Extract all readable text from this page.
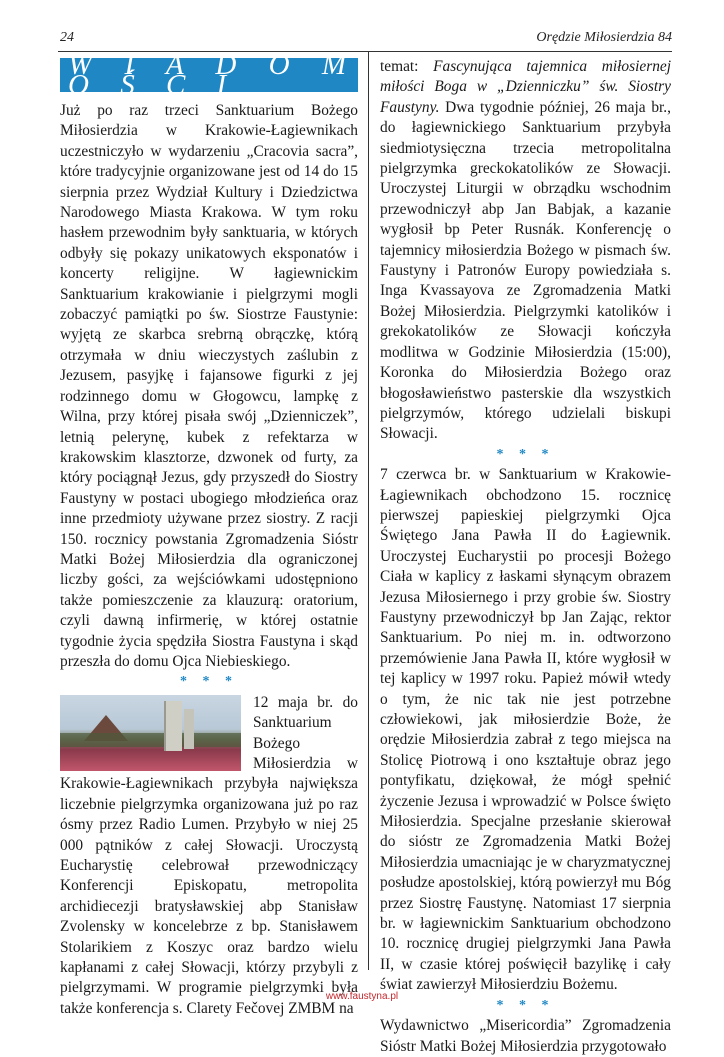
24	Orędzie Miłosierdzia 84
W I A D O M O Ś C I

Już po raz trzeci Sanktuarium Bożego Miłosierdzia w Krakowie-Łagiewnikach uczestniczyło w wydarzeniu „Cracovia sacra”, które tradycyjnie organizowane jest od 14 do 15 sierpnia przez Wydział Kultury i Dziedzictwa Narodowego Miasta Krakowa. W tym roku hasłem przewodnim były sanktuaria, w których odbyły się pokazy unikatowych eksponatów i koncerty religijne. W łagiewnickim Sanktuarium krakowianie i pielgrzymi mogli zobaczyć pamiątki po św. Siostrze Faustynie: wyjętą ze skarbca srebrną obrączkę, którą otrzymała w dniu wieczystych zaślubin z Jezusem, pasyjkę i fajansowe figurki z jej rodzinnego domu w Głogowcu, lampkę z Wilna, przy której pisała swój „Dzienniczek”, letnią pelerynę, kubek z refektarza w krakowskim klasztorze, dzwonek od furty, za który pociągnął Jezus, gdy przyszedł do Siostry Faustyny w postaci ubogiego młodzieńca oraz inne przedmioty używane przez siostry. Z racji 150. rocznicy powstania Zgromadzenia Sióstr Matki Bożej Miłosierdzia dla ograniczonej liczby gości, za wejściówkami udostępniono także pomieszczenie za klauzurą: oratorium, czyli dawną infirmerię, w której ostatnie tygodnie życia spędziła Siostra Faustyna i skąd przeszła do domu Ojca Niebieskiego.

* * *

12 maja br. do Sanktuarium Bożego Miłosierdzia w Krakowie-Łagiewnikach przybyła największa liczebnie pielgrzymka organizowana już po raz ósmy przez Radio Lumen. Przybyło w niej 25 000 pątników z całej Słowacji. Uroczystą Eucharystię celebrował przewodniczący Konferencji Episkopatu, metropolita archidiecezji bratysławskiej abp Stanisław Zvolensky w koncelebrze z bp. Stanisławem Stolarikiem z Koszyc oraz bardzo wielu kapłanami z całej Słowacji, którzy przybyli z pielgrzymami. W programie pielgrzymki była także konferencja s. Clarety Fečovej ZMBM na

temat: Fascynująca tajemnica miłosiernej miłości Boga w „Dzienniczku” św. Siostry Faustyny. Dwa tygodnie później, 26 maja br., do łagiewnickiego Sanktuarium przybyła siedmiotysięczna trzecia metropolitalna pielgrzymka greckokatolików ze Słowacji. Uroczystej Liturgii w obrządku wschodnim przewodniczył abp Jan Babjak, a kazanie wygłosił bp Peter Rusnák. Konferencję o tajemnicy miłosierdzia Bożego w pismach św. Faustyny i Patronów Europy powiedziała s. Inga Kvassayova ze Zgromadzenia Matki Bożej Miłosierdzia. Pielgrzymki katolików i grekokatolików ze Słowacji kończyła modlitwa w Godzinie Miłosierdzia (15:00), Koronka do Miłosierdzia Bożego oraz błogosławieństwo pasterskie dla wszystkich pielgrzymów, którego udzielali biskupi Słowacji.

* * *

7 czerwca br. w Sanktuarium w Krakowie-Łagiewnikach obchodzono 15. rocznicę pierwszej papieskiej pielgrzymki Ojca Świętego Jana Pawła II do Łagiewnik. Uroczystej Eucharystii po procesji Bożego Ciała w kaplicy z łaskami słynącym obrazem Jezusa Miłosiernego i przy grobie św. Siostry Faustyny przewodniczył bp Jan Zając, rektor Sanktuarium. Po niej m. in. odtworzono przemówienie Jana Pawła II, które wygłosił w tej kaplicy w 1997 roku. Papież mówił wtedy o tym, że nic tak nie jest potrzebne człowiekowi, jak miłosierdzie Boże, że orędzie Miłosierdzia zabrał z tego miejsca na Stolicę Piotrową i ono kształtuje obraz jego pontyfikatu, dziękował, że mógł spełnić życzenie Jezusa i wprowadzić w Polsce święto Miłosierdzia. Specjalne przesłanie skierował do sióstr ze Zgromadzenia Matki Bożej Miłosierdzia umacniając je w charyzmatycznej posłudze apostolskiej, którą powierzył mu Bóg przez Siostrę Faustynę. Natomiast 17 sierpnia br. w łagiewnickim Sanktuarium obchodzono 10. rocznicę drugiej pielgrzymki Jana Pawła II, w czasie której poświęcił bazylikę i cały świat zawierzył Miłosierdziu Bożemu.

* * *

Wydawnictwo „Misericordia” Zgromadzenia Sióstr Matki Bożej Miłosierdzia przygotowało

www.faustyna.pl
